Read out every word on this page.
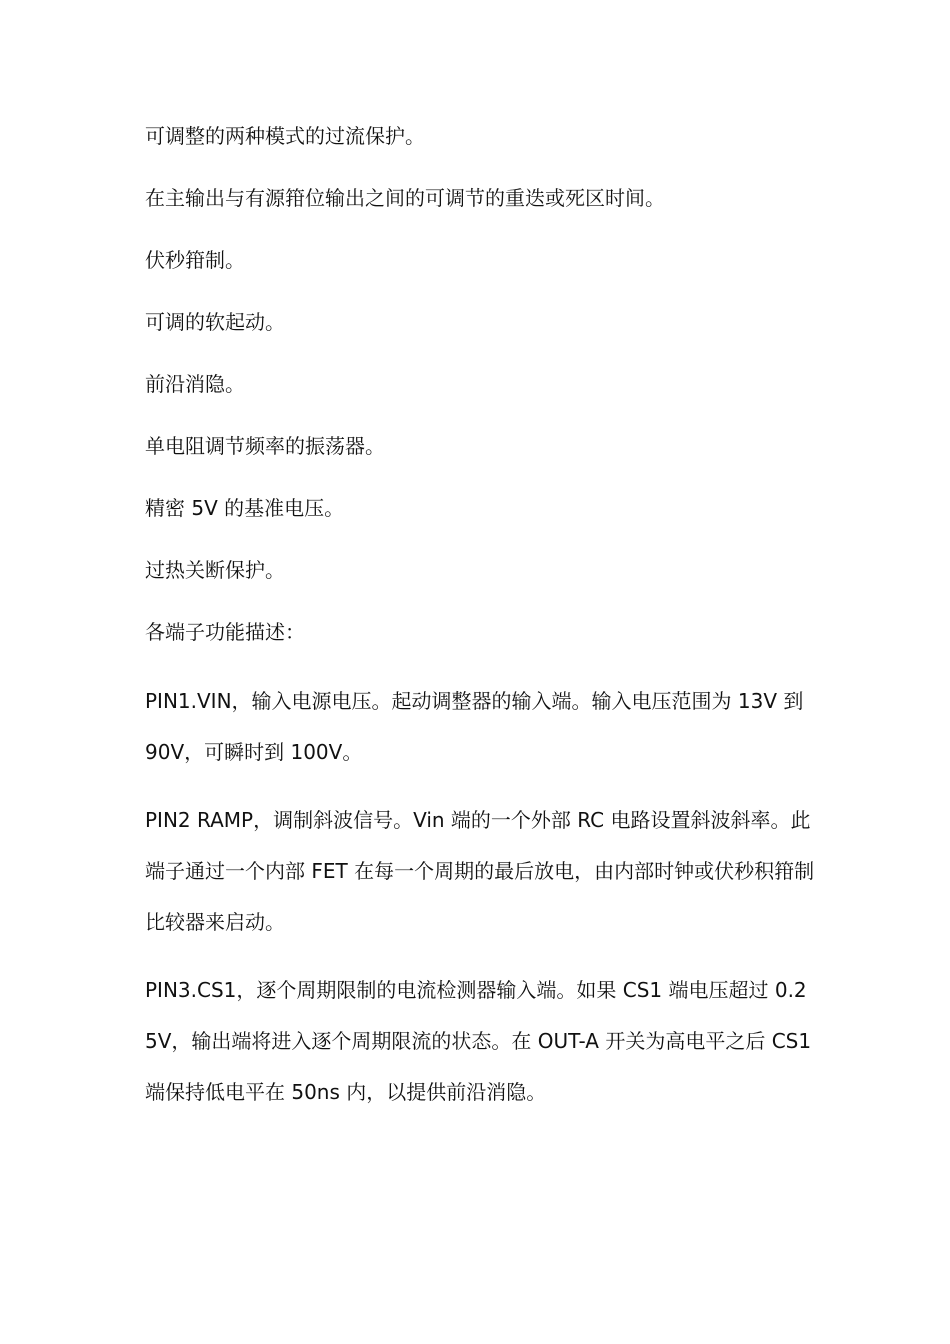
可调整的两种模式的过流保护。

在主输出与有源箝位输出之间的可调节的重迭或死区时间。

伏秒箝制。

可调的软起动。

前沿消隐。

单电阻调节频率的振荡器。

精密 5V 的基准电压。

过热关断保护。

各端子功能描述：

PIN1.VIN，输入电源电压。起动调整器的输入端。输入电压范围为 13V 到 90V，可瞬时到 100V。

PIN2 RAMP，调制斜波信号。Vin 端的一个外部 RC 电路设置斜波斜率。此端子通过一个内部 FET 在每一个周期的最后放电，由内部时钟或伏秒积箝制比较器来启动。

PIN3.CS1，逐个周期限制的电流检测器输入端。如果 CS1 端电压超过 0.25V，输出端将进入逐个周期限流的状态。在 OUT-A 开关为高电平之后 CS1 端保持低电平在 50ns 内，以提供前沿消隐。
